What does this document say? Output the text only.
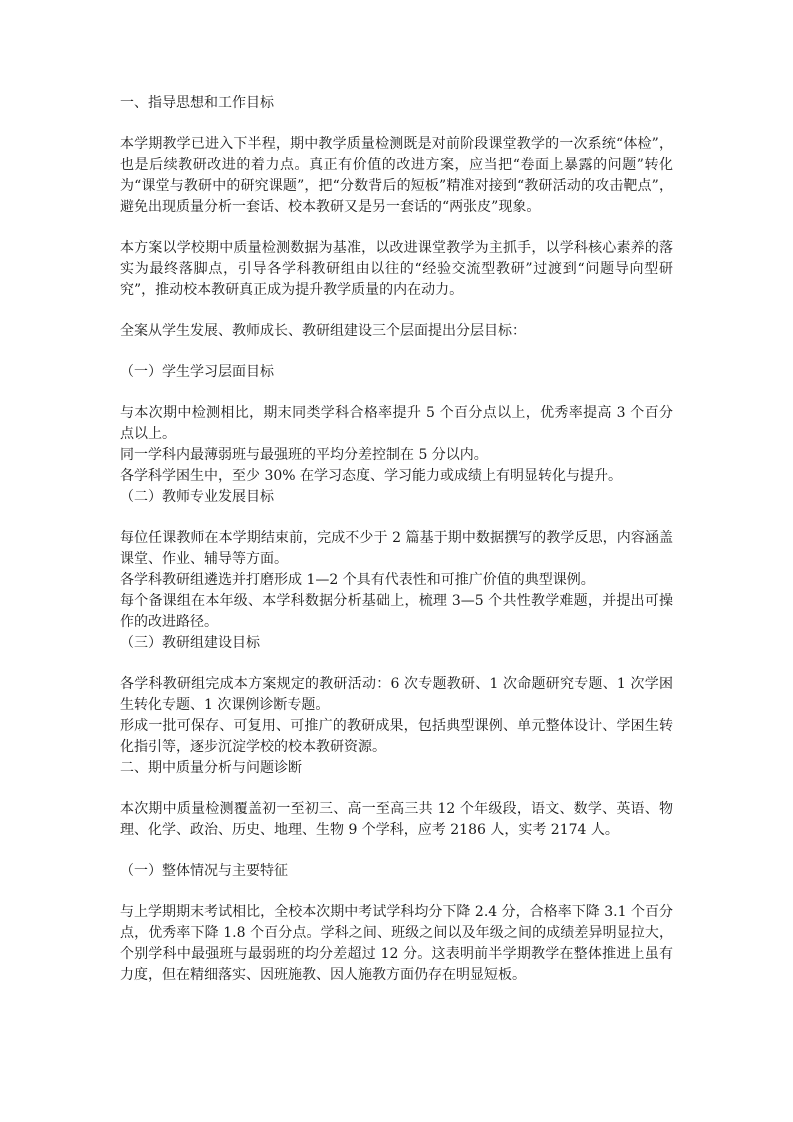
一、指导思想和工作目标

本学期教学已进入下半程，期中教学质量检测既是对前阶段课堂教学的一次系统“体检”，也是后续教研改进的着力点。真正有价值的改进方案，应当把“卷面上暴露的问题”转化为“课堂与教研中的研究课题”，把“分数背后的短板”精准对接到“教研活动的攻击靶点”，避免出现质量分析一套话、校本教研又是另一套话的“两张皮”现象。

本方案以学校期中质量检测数据为基准，以改进课堂教学为主抓手，以学科核心素养的落实为最终落脚点，引导各学科教研组由以往的“经验交流型教研”过渡到“问题导向型研究”，推动校本教研真正成为提升教学质量的内在动力。

全案从学生发展、教师成长、教研组建设三个层面提出分层目标：

（一）学生学习层面目标

与本次期中检测相比，期末同类学科合格率提升 5 个百分点以上，优秀率提高 3 个百分点以上。

同一学科内最薄弱班与最强班的平均分差控制在 5 分以内。

各学科学困生中，至少 30% 在学习态度、学习能力或成绩上有明显转化与提升。

（二）教师专业发展目标

每位任课教师在本学期结束前，完成不少于 2 篇基于期中数据撰写的教学反思，内容涵盖课堂、作业、辅导等方面。

各学科教研组遴选并打磨形成 1—2 个具有代表性和可推广价值的典型课例。

每个备课组在本年级、本学科数据分析基础上，梳理 3—5 个共性教学难题，并提出可操作的改进路径。

（三）教研组建设目标

各学科教研组完成本方案规定的教研活动：6 次专题教研、1 次命题研究专题、1 次学困生转化专题、1 次课例诊断专题。

形成一批可保存、可复用、可推广的教研成果，包括典型课例、单元整体设计、学困生转化指引等，逐步沉淀学校的校本教研资源。

二、期中质量分析与问题诊断

本次期中质量检测覆盖初一至初三、高一至高三共 12 个年级段，语文、数学、英语、物理、化学、政治、历史、地理、生物 9 个学科，应考 2186 人，实考 2174 人。

（一）整体情况与主要特征

与上学期期末考试相比，全校本次期中考试学科均分下降 2.4 分，合格率下降 3.1 个百分点，优秀率下降 1.8 个百分点。学科之间、班级之间以及年级之间的成绩差异明显拉大，个别学科中最强班与最弱班的均分差超过 12 分。这表明前半学期教学在整体推进上虽有力度，但在精细落实、因班施教、因人施教方面仍存在明显短板。
